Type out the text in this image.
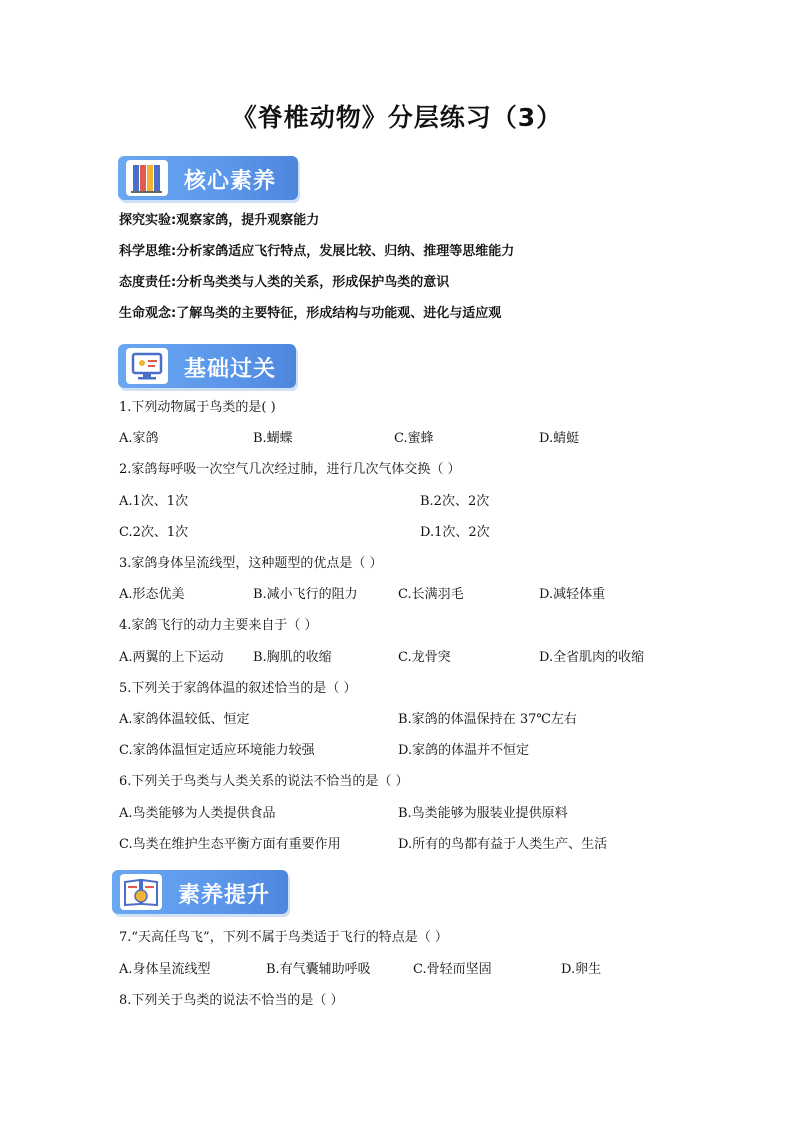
《脊椎动物》分层练习（3）
核心素养
探究实验:观察家鸽，提升观察能力
科学思维:分析家鸽适应飞行特点，发展比较、归纳、推理等思维能力
态度责任:分析鸟类类与人类的关系，形成保护鸟类的意识
生命观念:了解鸟类的主要特征，形成结构与功能观、进化与适应观
基础过关
1.下列动物属于鸟类的是( )
A.家鸽	B.蝴蝶	C.蜜蜂	D.蜻蜓
2.家鸽每呼吸一次空气几次经过肺，进行几次气体交换（ ）
A.1次、1次	B.2次、2次
C.2次、1次	D.1次、2次
3.家鸽身体呈流线型，这种题型的优点是（ ）
A.形态优美	B.减小飞行的阻力	C.长满羽毛	D.减轻体重
4.家鸽飞行的动力主要来自于（ ）
A.两翼的上下运动 B.胸肌的收缩	C.龙骨突	D.全省肌肉的收缩
5.下列关于家鸽体温的叙述恰当的是（ ）
A.家鸽体温较低、恒定	B.家鸽的体温保持在 37℃左右
C.家鸽体温恒定适应环境能力较强	D.家鸽的体温并不恒定
6.下列关于鸟类与人类关系的说法不恰当的是（ ）
A.鸟类能够为人类提供食品	B.鸟类能够为服装业提供原料
C.鸟类在维护生态平衡方面有重要作用	D.所有的鸟都有益于人类生产、生活
素养提升
7.“天高任鸟飞”，下列不属于鸟类适于飞行的特点是（ ）
A.身体呈流线型	B.有气囊辅助呼吸	C.骨轻而坚固	D.卵生
8.下列关于鸟类的说法不恰当的是（ ）
